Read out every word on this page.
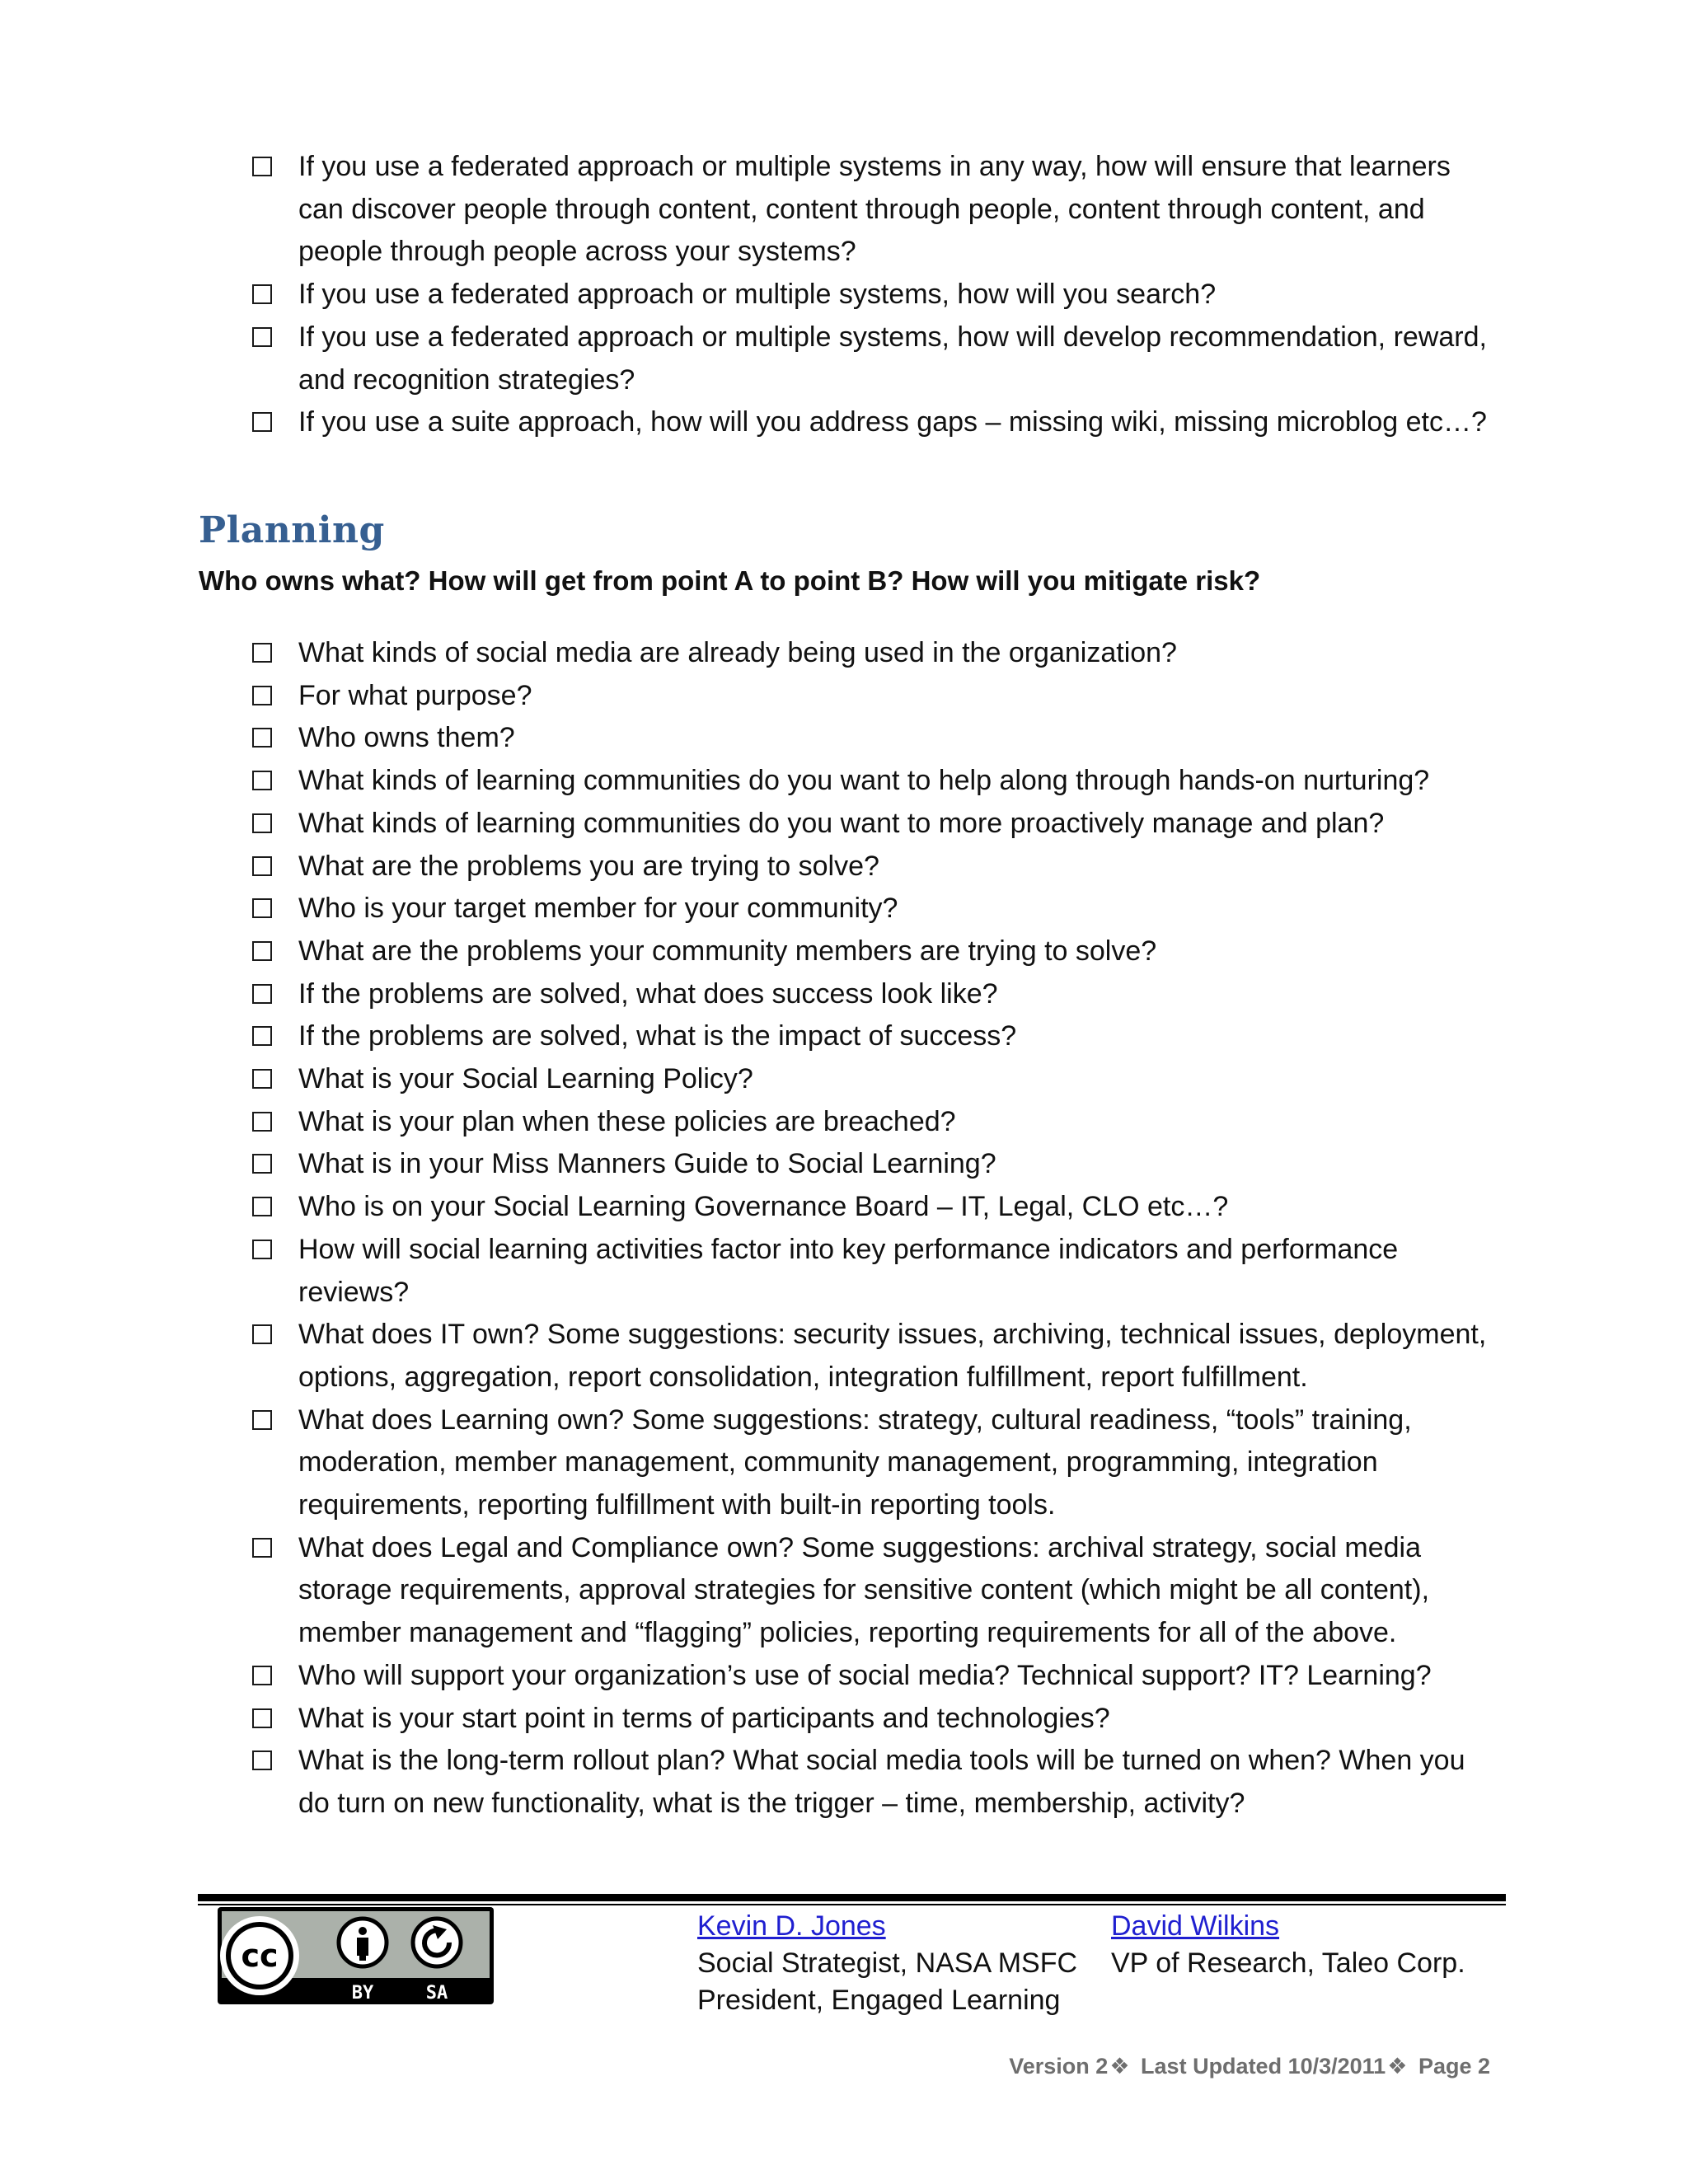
If you use a federated approach or multiple systems in any way, how will ensure that learners can discover people through content, content through people, content through content, and people through people across your systems?
If you use a federated approach or multiple systems, how will you search?
If you use a federated approach or multiple systems, how will develop recommendation, reward, and recognition strategies?
If you use a suite approach, how will you address gaps – missing wiki, missing microblog etc…?
Planning

Who owns what? How will get from point A to point B? How will you mitigate risk?

What kinds of social media are already being used in the organization?
For what purpose?
Who owns them?
What kinds of learning communities do you want to help along through hands-on nurturing?
What kinds of learning communities do you want to more proactively manage and plan?
What are the problems you are trying to solve?
Who is your target member for your community?
What are the problems your community members are trying to solve?
If the problems are solved, what does success look like?
If the problems are solved, what is the impact of success?
What is your Social Learning Policy?
What is your plan when these policies are breached?
What is in your Miss Manners Guide to Social Learning?
Who is on your Social Learning Governance Board – IT, Legal, CLO etc…?
How will social learning activities factor into key performance indicators and performance reviews?
What does IT own? Some suggestions: security issues, archiving, technical issues, deployment, options, aggregation, report consolidation, integration fulfillment, report fulfillment.
What does Learning own? Some suggestions: strategy, cultural readiness, “tools” training, moderation, member management, community management, programming, integration requirements, reporting fulfillment with built-in reporting tools.
What does Legal and Compliance own? Some suggestions: archival strategy, social media storage requirements, approval strategies for sensitive content (which might be all content), member management and “flagging” policies, reporting requirements for all of the above.
Who will support your organization’s use of social media? Technical support? IT? Learning?
What is your start point in terms of participants and technologies?
What is the long-term rollout plan? What social media tools will be turned on when? When you do turn on new functionality, what is the trigger – time, membership, activity?
cc
BY	SA
Kevin D. Jones
Social Strategist, NASA MSFC
President, Engaged Learning
David Wilkins
VP of Research, Taleo Corp.
Version 2❖ Last Updated 10/3/2011❖ Page 2
